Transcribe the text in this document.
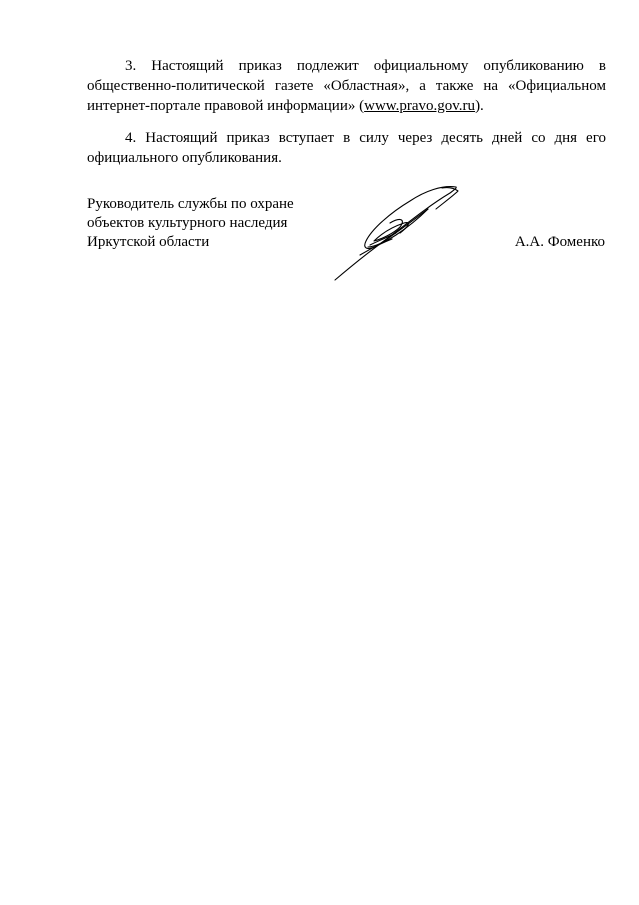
3. Настоящий приказ подлежит официальному опубликованию в
общественно-политической газете «Областная», а также на «Официальном
интернет-портале правовой информации» (www.pravo.gov.ru).
4. Настоящий приказ вступает в силу через десять дней со дня его
официального опубликования.
Руководитель службы по охране
объектов культурного наследия
Иркутской области	А.А. Фоменко
